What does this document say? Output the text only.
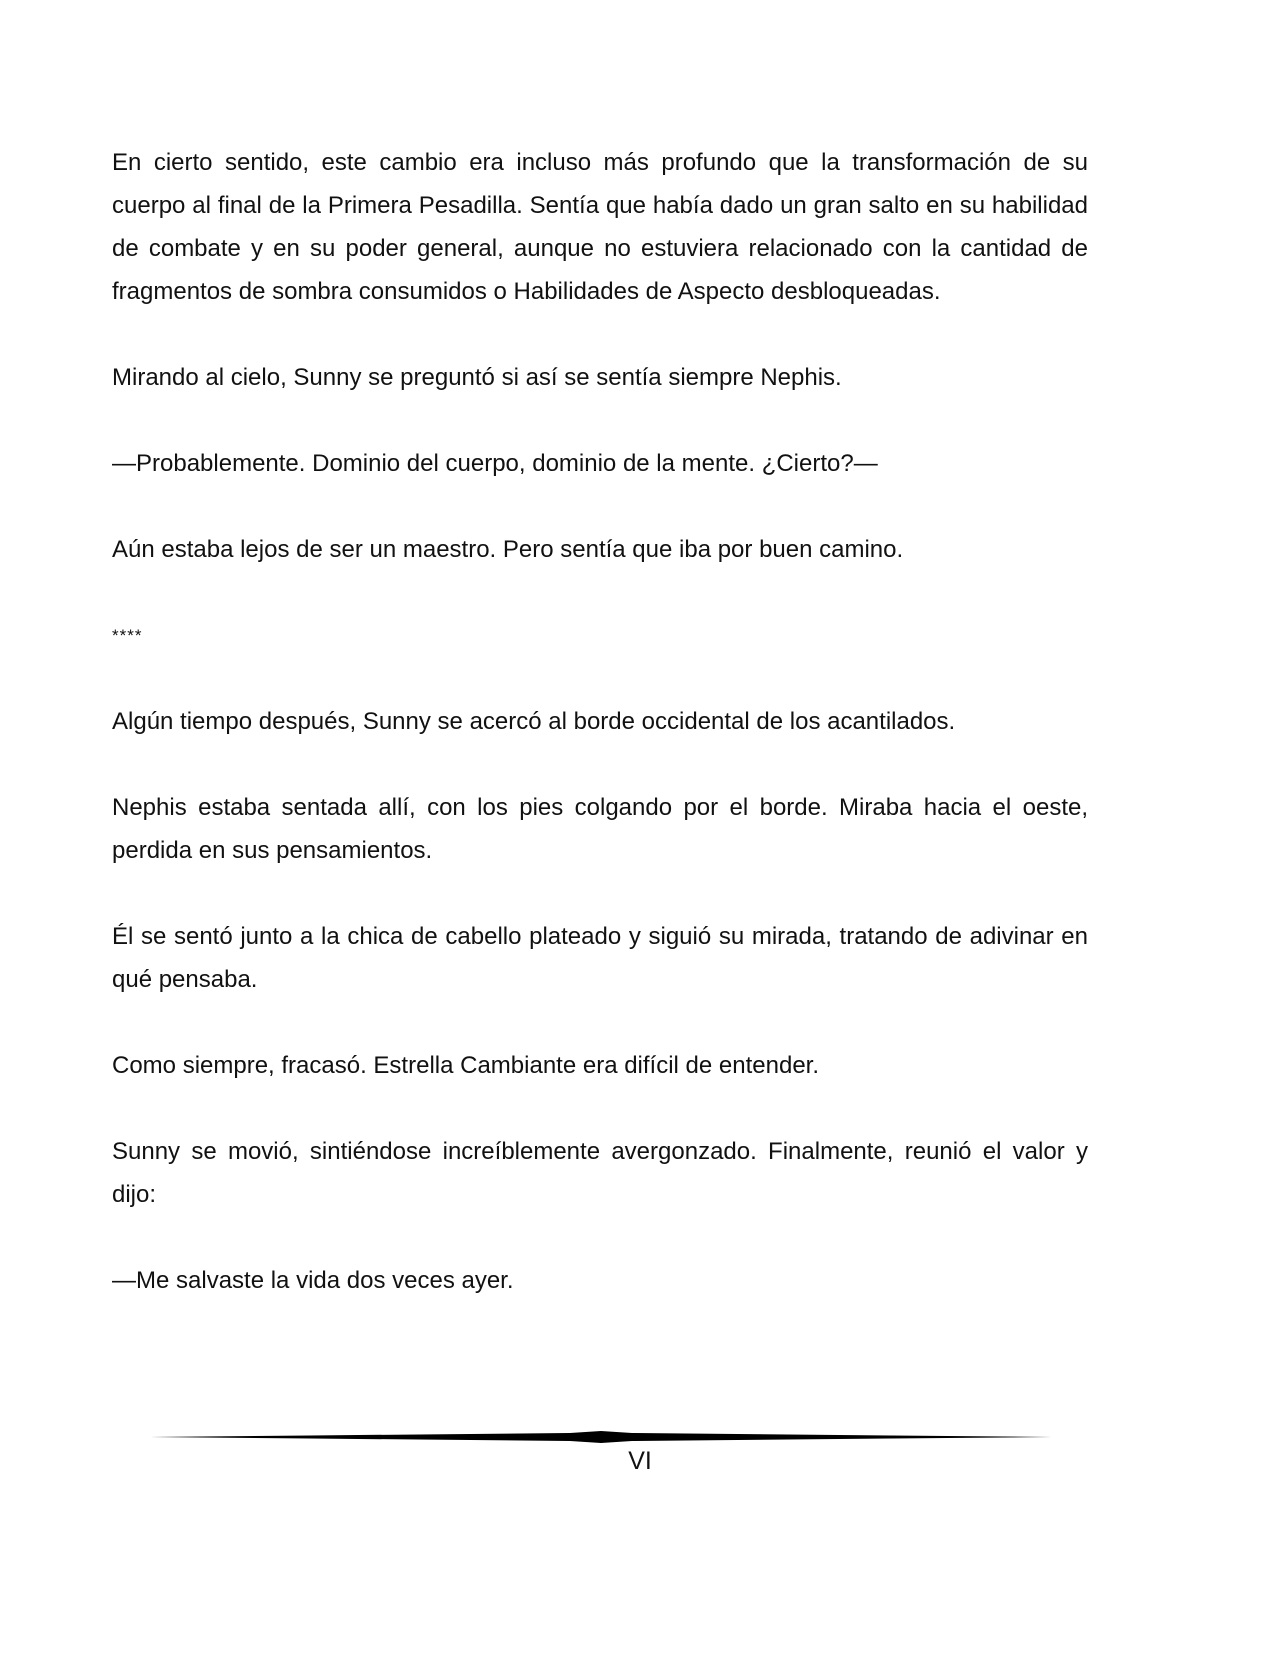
En cierto sentido, este cambio era incluso más profundo que la transformación de su cuerpo al final de la Primera Pesadilla. Sentía que había dado un gran salto en su habilidad de combate y en su poder general, aunque no estuviera relacionado con la cantidad de fragmentos de sombra consumidos o Habilidades de Aspecto desbloqueadas.

Mirando al cielo, Sunny se preguntó si así se sentía siempre Nephis.

—Probablemente. Dominio del cuerpo, dominio de la mente. ¿Cierto?—

Aún estaba lejos de ser un maestro. Pero sentía que iba por buen camino.

****

Algún tiempo después, Sunny se acercó al borde occidental de los acantilados.

Nephis estaba sentada allí, con los pies colgando por el borde. Miraba hacia el oeste, perdida en sus pensamientos.

Él se sentó junto a la chica de cabello plateado y siguió su mirada, tratando de adivinar en qué pensaba.

Como siempre, fracasó. Estrella Cambiante era difícil de entender.

Sunny se movió, sintiéndose increíblemente avergonzado. Finalmente, reunió el valor y dijo:

—Me salvaste la vida dos veces ayer.

VI
